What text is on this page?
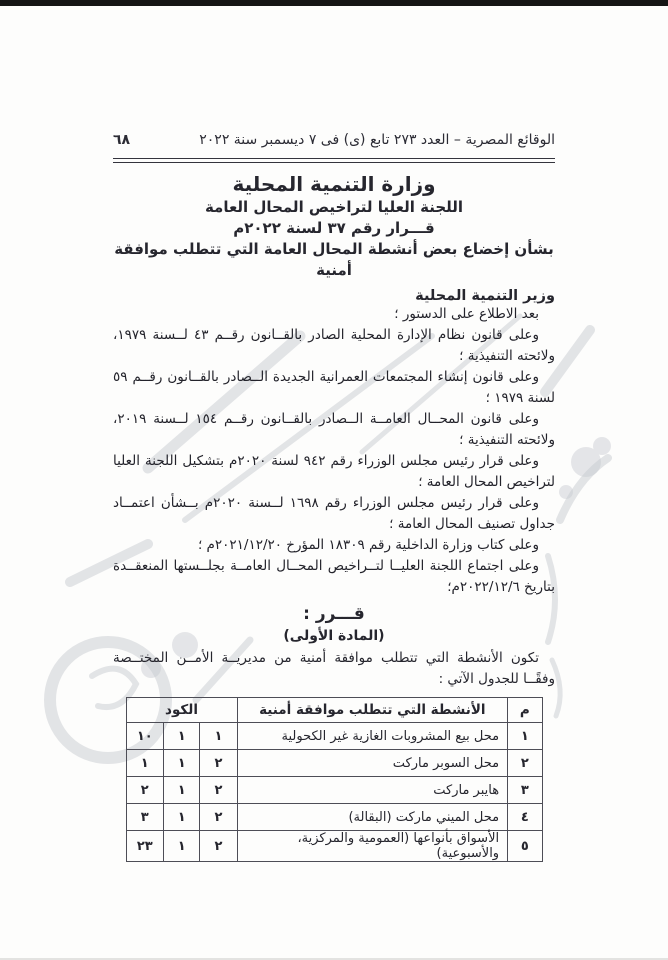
الوقائع المصرية – العدد ٢٧٣ تابع (ى) فى ٧ ديسمبر سنة ٢٠٢٢
٦٨
وزارة التنمية المحلية
اللجنة العليا لتراخيص المحال العامة
قـــرار رقم ٣٧ لسنة ٢٠٢٢م
بشأن إخضاع بعض أنشطة المحال العامة التي تتطلب موافقة أمنية
وزير التنمية المحلية

بعد الاطلاع على الدستور ؛

وعلى قانون نظام الإدارة المحلية الصادر بالقــانون رقــم ٤٣ لــسنة ١٩٧٩، ولائحته التنفيذية ؛

وعلى قانون إنشاء المجتمعات العمرانية الجديدة الــصادر بالقــانون رقــم ٥٩ لسنة ١٩٧٩ ؛

وعلى قانون المحــال العامــة الــصادر بالقــانون رقــم ١٥٤ لــسنة ٢٠١٩، ولائحته التنفيذية ؛

وعلى قرار رئيس مجلس الوزراء رقم ٩٤٢ لسنة ٢٠٢٠م بتشكيل اللجنة العليا لتراخيص المحال العامة ؛

وعلى قرار رئيس مجلس الوزراء رقم ١٦٩٨ لــسنة ٢٠٢٠م بــشأن اعتمــاد جداول تصنيف المحال العامة ؛

وعلى كتاب وزارة الداخلية رقم ١٨٣٠٩ المؤرخ ٢٠٢١/١٢/٢٠م ؛

وعلى اجتماع اللجنة العليــا لتــراخيص المحــال العامــة بجلــستها المنعقــدة بتاريخ ٢٠٢٢/١٢/٦م؛

قـــرر :
(المادة الأولى)

تكون الأنشطة التي تتطلب موافقة أمنية من مديريــة الأمــن المختــصة وفقًــا للجدول الآتي :

م	الأنشطة التي تتطلب موافقة أمنية	الكود		
١	محل بيع المشروبات الغازية غير الكحولية	١	١	١٠
٢	محل السوبر ماركت	٢	١	١
٣	هايبر ماركت	٢	١	٢
٤	محل الميني ماركت (البقالة)	٢	١	٣
٥	الأسواق بأنواعها (العمومية والمركزية، والأسبوعية)	٢	١	٢٣
